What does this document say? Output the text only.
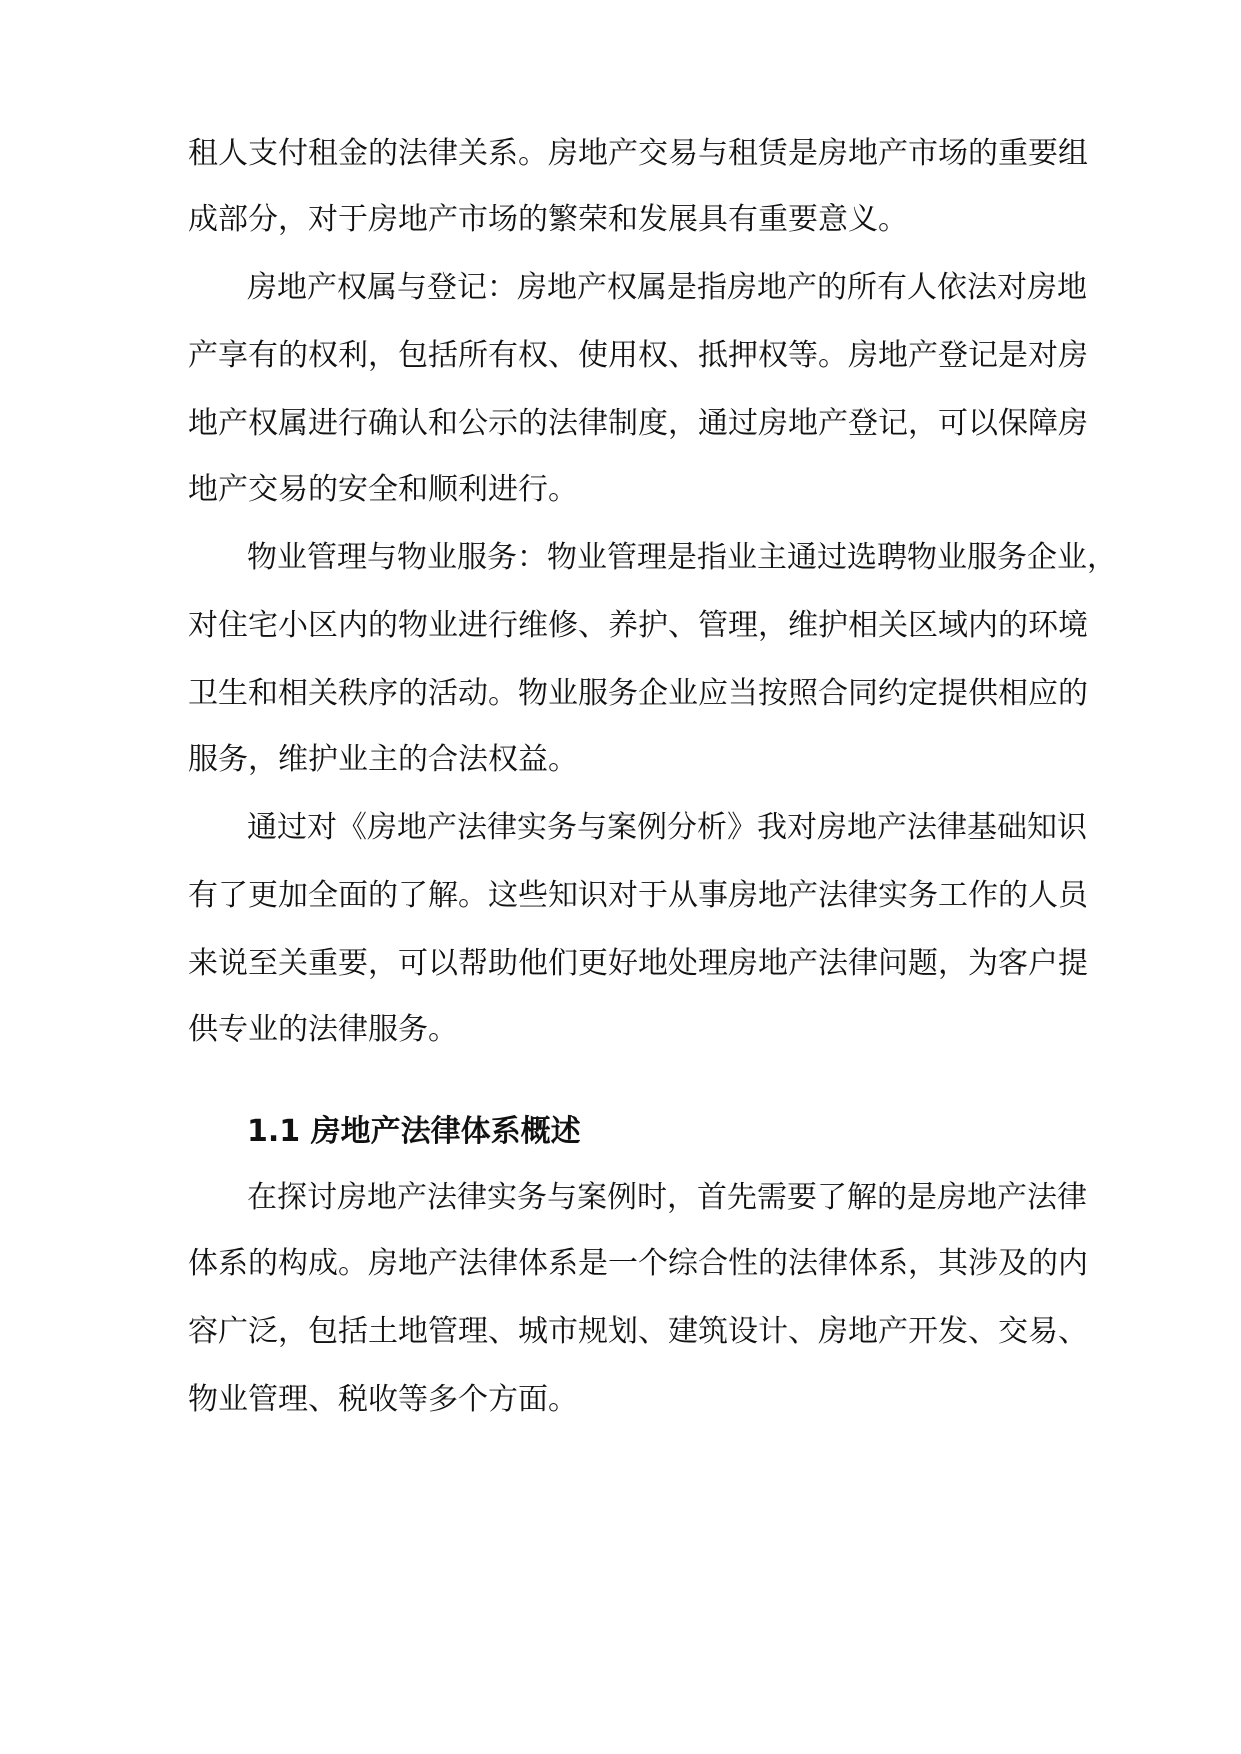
租人支付租金的法律关系。房地产交易与租赁是房地产市场的重要组
成部分，对于房地产市场的繁荣和发展具有重要意义。
房地产权属与登记：房地产权属是指房地产的所有人依法对房地
产享有的权利，包括所有权、使用权、抵押权等。房地产登记是对房
地产权属进行确认和公示的法律制度，通过房地产登记，可以保障房
地产交易的安全和顺利进行。
物业管理与物业服务：物业管理是指业主通过选聘物业服务企业，
对住宅小区内的物业进行维修、养护、管理，维护相关区域内的环境
卫生和相关秩序的活动。物业服务企业应当按照合同约定提供相应的
服务，维护业主的合法权益。
通过对《房地产法律实务与案例分析》我对房地产法律基础知识
有了更加全面的了解。这些知识对于从事房地产法律实务工作的人员
来说至关重要，可以帮助他们更好地处理房地产法律问题，为客户提
供专业的法律服务。
1.1 房地产法律体系概述
在探讨房地产法律实务与案例时，首先需要了解的是房地产法律
体系的构成。房地产法律体系是一个综合性的法律体系，其涉及的内
容广泛，包括土地管理、城市规划、建筑设计、房地产开发、交易、
物业管理、税收等多个方面。
